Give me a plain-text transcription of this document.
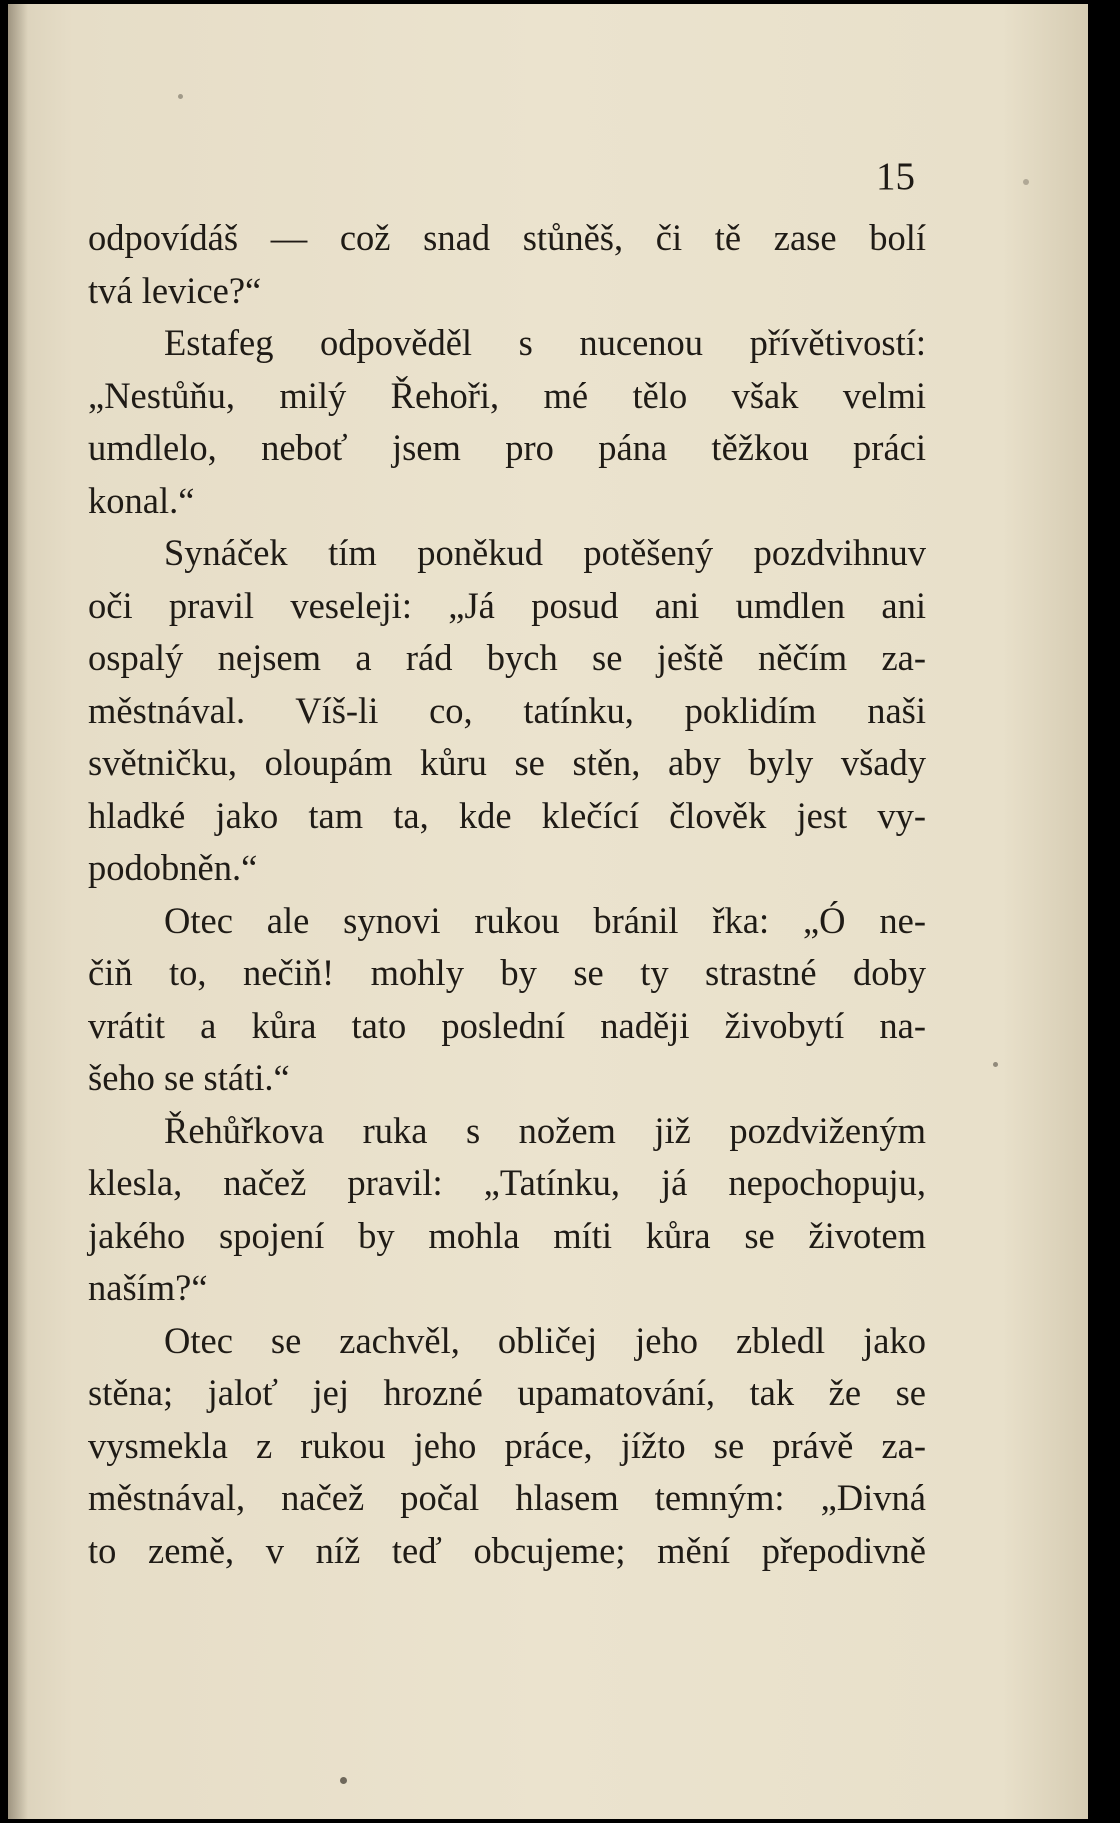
15
odpovídáš — což snad stůněš, či tě zase bolí
tvá levice?“
Estafeg odpověděl s nucenou přívětivostí:
„Nestůňu, milý Řehoři, mé tělo však velmi
umdlelo, neboť jsem pro pána těžkou práci
konal.“
Synáček tím poněkud potěšený pozdvihnuv
oči pravil veseleji: „Já posud ani umdlen ani
ospalý nejsem a rád bych se ještě něčím za-
městnával. Víš-li co, tatínku, poklidím naši
světničku, oloupám kůru se stěn, aby byly všady
hladké jako tam ta, kde klečící člověk jest vy-
podobněn.“
Otec ale synovi rukou bránil řka: „Ó ne-
čiň to, nečiň! mohly by se ty strastné doby
vrátit a kůra tato poslední naději živobytí na-
šeho se státi.“
Řehůřkova ruka s nožem již pozdviženým
klesla, načež pravil: „Tatínku, já nepochopuju,
jakého spojení by mohla míti kůra se životem
naším?“
Otec se zachvěl, obličej jeho zbledl jako
stěna; jaloť jej hrozné upamatování, tak že se
vysmekla z rukou jeho práce, jížto se právě za-
městnával, načež počal hlasem temným: „Divná
to země, v níž teď obcujeme; mění přepodivně
